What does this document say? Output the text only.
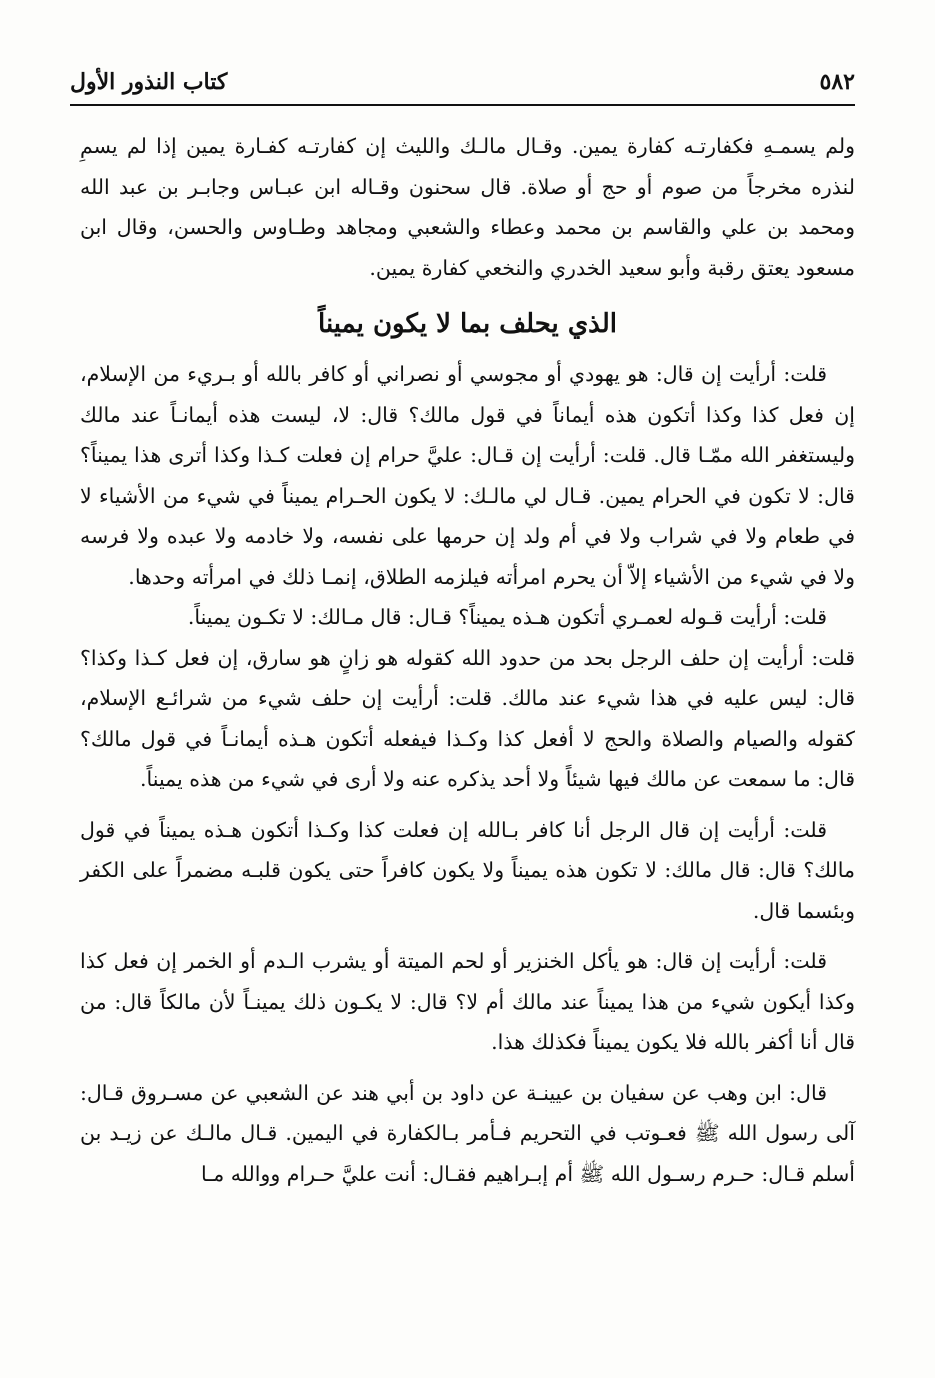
٥٨٢
كتاب النذور الأول

ولم يسمـهِ فكفارتـه كفارة يمين. وقـال مالـك والليث إن كفارتـه كفـارة يمين إذا لم يسمِ لنذره مخرجاً من صوم أو حج أو صلاة. قال سحنون وقـاله ابن عبـاس وجابـر بن عبد الله ومحمد بن علي والقاسم بن محمد وعطاء والشعبي ومجاهد وطـاوس والحسن، وقال ابن مسعود يعتق رقبة وأبو سعيد الخدري والنخعي كفارة يمين.

الذي يحلف بما لا يكون يميناً

قلت: أرأيت إن قال: هو يهودي أو مجوسي أو نصراني أو كافر بالله أو بـريء من الإسلام، إن فعل كذا وكذا أتكون هذه أيماناً في قول مالك؟ قال: لا، ليست هذه أيمانـاً عند مالك وليستغفر الله ممّـا قال. قلت: أرأيت إن قـال: عليَّ حرام إن فعلت كـذا وكذا أترى هذا يميناً؟ قال: لا تكون في الحرام يمين. قـال لي مالـك: لا يكون الحـرام يميناً في شيء من الأشياء لا في طعام ولا في شراب ولا في أم ولد إن حرمها على نفسه، ولا خادمه ولا عبده ولا فرسه ولا في شيء من الأشياء إلاّ أن يحرم امرأته فيلزمه الطلاق، إنمـا ذلك في امرأته وحدها.

قلت: أرأيت قـوله لعمـري أتكون هـذه يميناً؟ قـال: قال مـالك: لا تكـون يميناً.

قلت: أرأيت إن حلف الرجل بحد من حدود الله كقوله هو زانٍ هو سارق، إن فعل كـذا وكذا؟ قال: ليس عليه في هذا شيء عند مالك. قلت: أرأيت إن حلف شيء من شرائـع الإسلام، كقوله والصيام والصلاة والحج لا أفعل كذا وكـذا فيفعله أتكون هـذه أيمانـاً في قول مالك؟ قال: ما سمعت عن مالك فيها شيئاً ولا أحد يذكره عنه ولا أرى في شيء من هذه يميناً.

قلت: أرأيت إن قال الرجل أنا كافر بـالله إن فعلت كذا وكـذا أتكون هـذه يميناً في قول مالك؟ قال: قال مالك: لا تكون هذه يميناً ولا يكون كافراً حتى يكون قلبـه مضمراً على الكفر وبئسما قال.

قلت: أرأيت إن قال: هو يأكل الخنزير أو لحم الميتة أو يشرب الـدم أو الخمر إن فعل كذا وكذا أيكون شيء من هذا يميناً عند مالك أم لا؟ قال: لا يكـون ذلك يمينـاً لأن مالكاً قال: من قال أنا أكفر بالله فلا يكون يميناً فكذلك هذا.

قال: ابن وهب عن سفيان بن عيينـة عن داود بن أبي هند عن الشعبي عن مسـروق قـال: آلى رسول الله ﷺ فعـوتب في التحريم فـأمر بـالكفارة في اليمين. قـال مالـك عن زيـد بن أسلم قـال: حـرم رسـول الله ﷺ أم إبـراهيم فقـال: أنت عليَّ حـرام ووالله مـا
